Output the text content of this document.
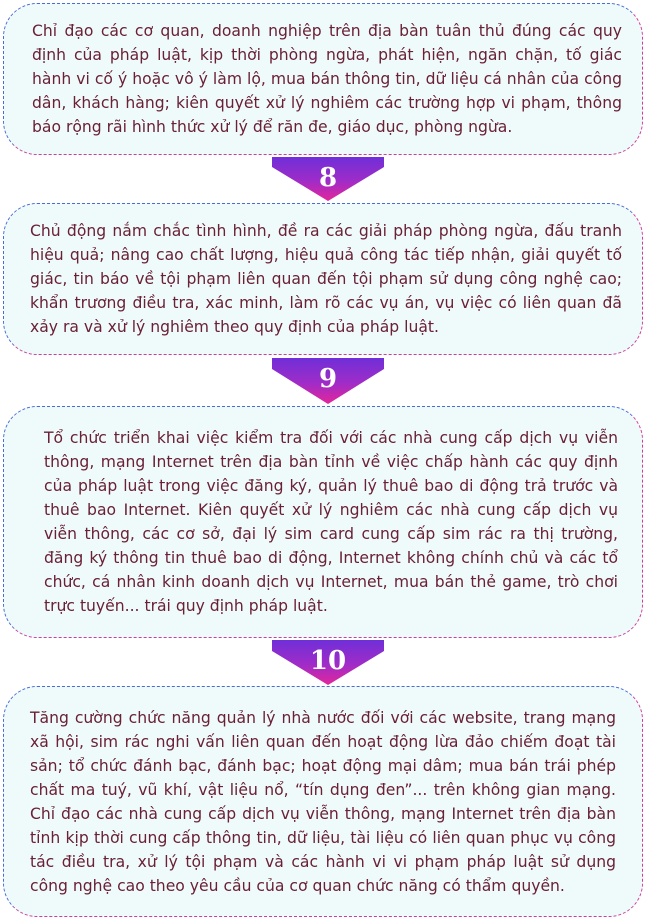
Chỉ đạo các cơ quan, doanh nghiệp trên địa bàn tuân thủ đúng các quy định của pháp luật, kịp thời phòng ngừa, phát hiện, ngăn chặn, tố giác hành vi cố ý hoặc vô ý làm lộ, mua bán thông tin, dữ liệu cá nhân của công dân, khách hàng; kiên quyết xử lý nghiêm các trường hợp vi phạm, thông báo rộng rãi hình thức xử lý để răn đe, giáo dục, phòng ngừa.

8

Chủ động nắm chắc tình hình, đề ra các giải pháp phòng ngừa, đấu tranh hiệu quả; nâng cao chất lượng, hiệu quả công tác tiếp nhận, giải quyết tố giác, tin báo về tội phạm liên quan đến tội phạm sử dụng công nghệ cao; khẩn trương điều tra, xác minh, làm rõ các vụ án, vụ việc có liên quan đã xảy ra và xử lý nghiêm theo quy định của pháp luật.

9

Tổ chức triển khai việc kiểm tra đối với các nhà cung cấp dịch vụ viễn thông, mạng Internet trên địa bàn tỉnh về việc chấp hành các quy định của pháp luật trong việc đăng ký, quản lý thuê bao di động trả trước và thuê bao Internet. Kiên quyết xử lý nghiêm các nhà cung cấp dịch vụ viễn thông, các cơ sở, đại lý sim card cung cấp sim rác ra thị trường, đăng ký thông tin thuê bao di động, Internet không chính chủ và các tổ chức, cá nhân kinh doanh dịch vụ Internet, mua bán thẻ game, trò chơi trực tuyến... trái quy định pháp luật.

10

Tăng cường chức năng quản lý nhà nước đối với các website, trang mạng xã hội, sim rác nghi vấn liên quan đến hoạt động lừa đảo chiếm đoạt tài sản; tổ chức đánh bạc, đánh bạc; hoạt động mại dâm; mua bán trái phép chất ma tuý, vũ khí, vật liệu nổ, “tín dụng đen”... trên không gian mạng. Chỉ đạo các nhà cung cấp dịch vụ viễn thông, mạng Internet trên địa bàn tỉnh kịp thời cung cấp thông tin, dữ liệu, tài liệu có liên quan phục vụ công tác điều tra, xử lý tội phạm và các hành vi vi phạm pháp luật sử dụng công nghệ cao theo yêu cầu của cơ quan chức năng có thẩm quyền.
